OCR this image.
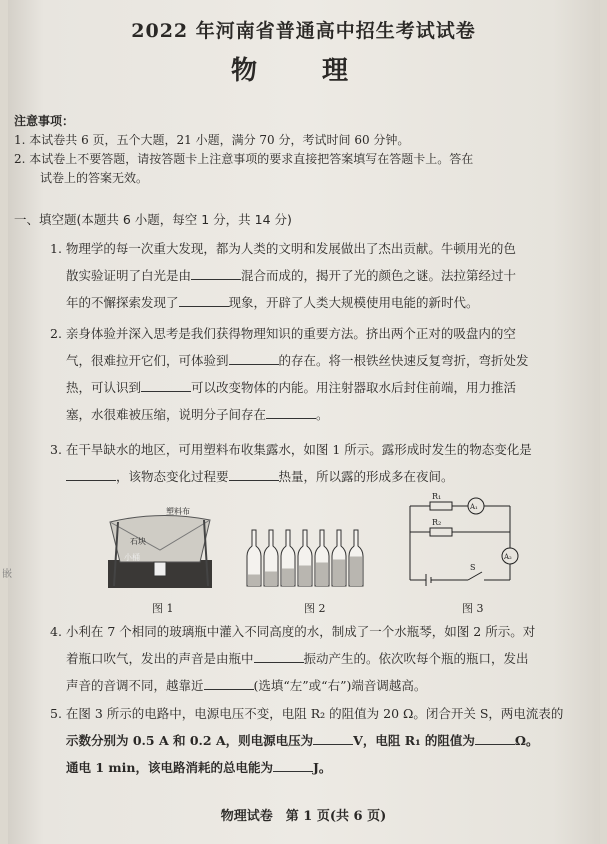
2022 年河南省普通高中招生考试试卷
物 理
注意事项：
1. 本试卷共 6 页，五个大题，21 小题，满分 70 分，考试时间 60 分钟。
2. 本试卷上不要答题，请按答题卡上注意事项的要求直接把答案填写在答题卡上。答在
试卷上的答案无效。
一、填空题(本题共 6 小题，每空 1 分，共 14 分)
1. 物理学的每一次重大发现，都为人类的文明和发展做出了杰出贡献。牛顿用光的色
散实验证明了白光是由	混合而成的，揭开了光的颜色之谜。法拉第经过十
年的不懈探索发现了	现象，开辟了人类大规模使用电能的新时代。
2. 亲身体验并深入思考是我们获得物理知识的重要方法。挤出两个正对的吸盘内的空
气，很难拉开它们，可体验到	的存在。将一根铁丝快速反复弯折，弯折处发
热，可认识到	可以改变物体的内能。用注射器取水后封住前端，用力推活
塞，水很难被压缩，说明分子间存在	。
3. 在干旱缺水的地区，可用塑料布收集露水，如图 1 所示。露形成时发生的物态变化是
，该物态变化过程要	热量，所以露的形成多在夜间。
塑料布
石块
小桶
图 1	图 2
R₁
R₂
A₁
A₂
S
图 3
4. 小利在 7 个相同的玻璃瓶中灌入不同高度的水，制成了一个水瓶琴，如图 2 所示。对
着瓶口吹气，发出的声音是由瓶中	振动产生的。依次吹每个瓶的瓶口，发出
声音的音调不同，越靠近	(选填“左”或“右”)端音调越高。
5. 在图 3 所示的电路中，电源电压不变，电阻 R₂ 的阻值为 20 Ω。闭合开关 S，两电流表的
示数分别为 0.5 A 和 0.2 A，则电源电压为	V，电阻 R₁ 的阻值为	Ω。
通电 1 min，该电路消耗的总电能为	J。
物理试卷　第 1 页(共 6 页)
嵌
